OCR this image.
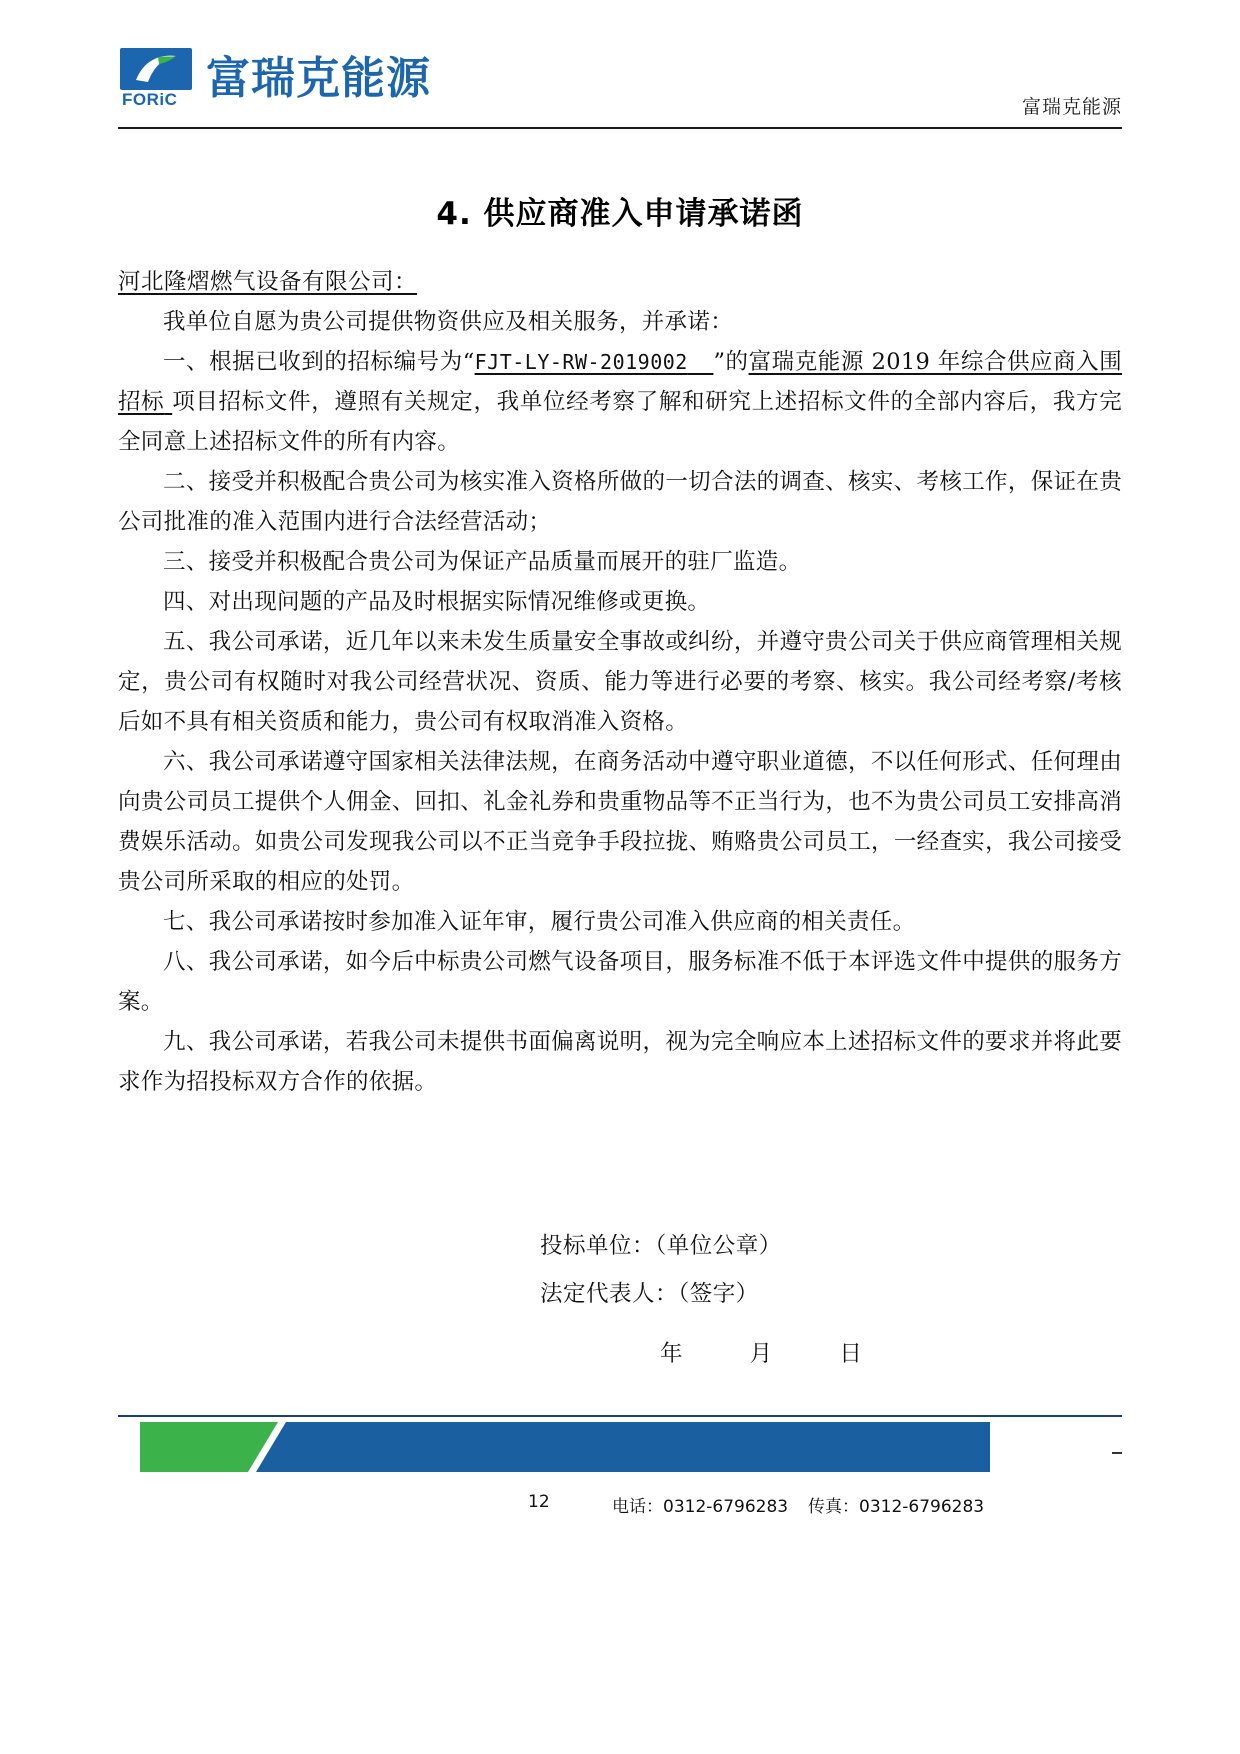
FORiC 富瑞克能源
富瑞克能源
4. 供应商准入申请承诺函

河北隆熠燃气设备有限公司：

我单位自愿为贵公司提供物资供应及相关服务，并承诺：

一、根据已收到的招标编号为“FJT-LY-RW-2019002 ”的富瑞克能源 2019 年综合供应商入围招标 项目招标文件，遵照有关规定，我单位经考察了解和研究上述招标文件的全部内容后，我方完全同意上述招标文件的所有内容。

二、接受并积极配合贵公司为核实准入资格所做的一切合法的调查、核实、考核工作，保证在贵公司批准的准入范围内进行合法经营活动；

三、接受并积极配合贵公司为保证产品质量而展开的驻厂监造。

四、对出现问题的产品及时根据实际情况维修或更换。

五、我公司承诺，近几年以来未发生质量安全事故或纠纷，并遵守贵公司关于供应商管理相关规定，贵公司有权随时对我公司经营状况、资质、能力等进行必要的考察、核实。我公司经考察/考核后如不具有相关资质和能力，贵公司有权取消准入资格。

六、我公司承诺遵守国家相关法律法规，在商务活动中遵守职业道德，不以任何形式、任何理由向贵公司员工提供个人佣金、回扣、礼金礼券和贵重物品等不正当行为，也不为贵公司员工安排高消费娱乐活动。如贵公司发现我公司以不正当竞争手段拉拢、贿赂贵公司员工，一经查实，我公司接受贵公司所采取的相应的处罚。

七、我公司承诺按时参加准入证年审，履行贵公司准入供应商的相关责任。

八、我公司承诺，如今后中标贵公司燃气设备项目，服务标准不低于本评选文件中提供的服务方案。

九、我公司承诺，若我公司未提供书面偏离说明，视为完全响应本上述招标文件的要求并将此要求作为招投标双方合作的依据。

投标单位：（单位公章）
法定代表人：（签字）
年	月	日
12	电话：0312-6796283 传真：0312-6796283
